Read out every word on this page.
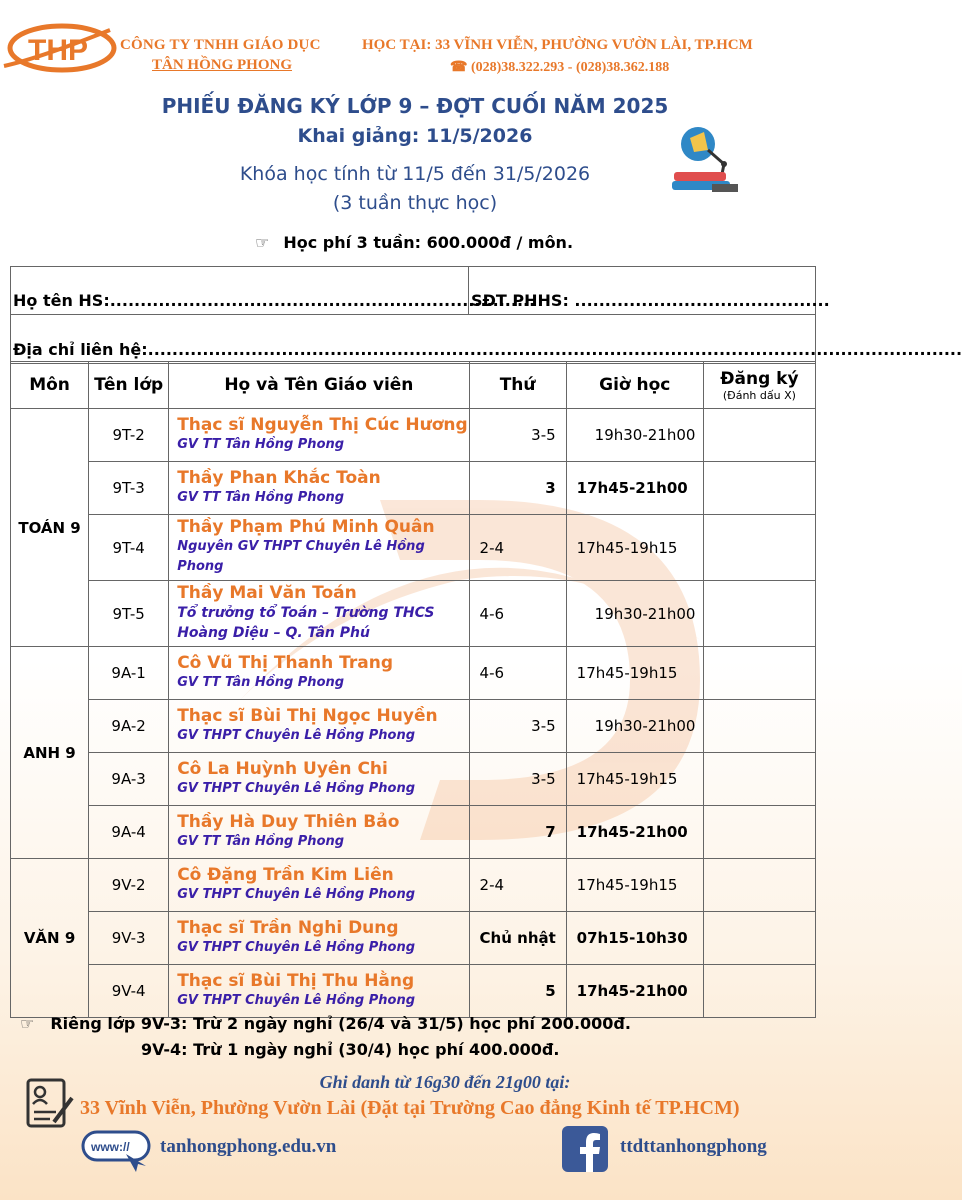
THP CÔNG TY TNHH GIÁO DỤC
TÂN HỒNG PHONG
HỌC TẠI: 33 VĨNH VIỄN, PHƯỜNG VƯỜN LÀI, TP.HCM
☎ (028)38.322.293 - (028)38.362.188
PHIẾU ĐĂNG KÝ LỚP 9 – ĐỢT CUỐI NĂM 2025
Khai giảng: 11/5/2026
Khóa học tính từ 11/5 đến 31/5/2026
(3 tuần thực học)
☞ Học phí 3 tuần: 600.000đ / môn.
Họ tên HS:......................................................................
SĐT PHHS: ..........................................
Địa chỉ liên hệ:......................................................................................................................................
Môn	Tên lớp	Họ và Tên Giáo viên	Thứ	Giờ học	Đăng ký
(Đánh dấu X)

TOÁN 9	9T-2	Thạc sĩ Nguyễn Thị Cúc Hương
GV TT Tân Hồng Phong	3-5	19h30-21h00	
	9T-3	Thầy Phan Khắc Toàn
GV TT Tân Hồng Phong	3	17h45-21h00	
	9T-4	Thầy Phạm Phú Minh Quân
Nguyên GV THPT Chuyên Lê Hồng Phong	2-4	17h45-19h15	
	9T-5	Thầy Mai Văn Toán
Tổ trưởng tổ Toán – Trường THCS
Hoàng Diệu – Q. Tân Phú	4-6	19h30-21h00	
ANH 9	9A-1	Cô Vũ Thị Thanh Trang
GV TT Tân Hồng Phong	4-6	17h45-19h15	
	9A-2	Thạc sĩ Bùi Thị Ngọc Huyền
GV THPT Chuyên Lê Hồng Phong	3-5	19h30-21h00	
	9A-3	Cô La Huỳnh Uyên Chi
GV THPT Chuyên Lê Hồng Phong	3-5	17h45-19h15	
	9A-4	Thầy Hà Duy Thiên Bảo
GV TT Tân Hồng Phong	7	17h45-21h00	
VĂN 9	9V-2	Cô Đặng Trần Kim Liên
GV THPT Chuyên Lê Hồng Phong	2-4	17h45-19h15	
	9V-3	Thạc sĩ Trần Nghi Dung
GV THPT Chuyên Lê Hồng Phong	Chủ nhật	07h15-10h30	
	9V-4	Thạc sĩ Bùi Thị Thu Hằng
GV THPT Chuyên Lê Hồng Phong	5	17h45-21h00	
☞ Riêng lớp 9V-3: Trừ 2 ngày nghỉ (26/4 và 31/5) học phí 200.000đ.
9V-4: Trừ 1 ngày nghỉ (30/4) học phí 400.000đ.
Ghi danh từ 16g30 đến 21g00 tại:
33 Vĩnh Viễn, Phường Vườn Lài (Đặt tại Trường Cao đẳng Kinh tế TP.HCM)
www:// tanhongphong.edu.vn	ttdttanhongphong
